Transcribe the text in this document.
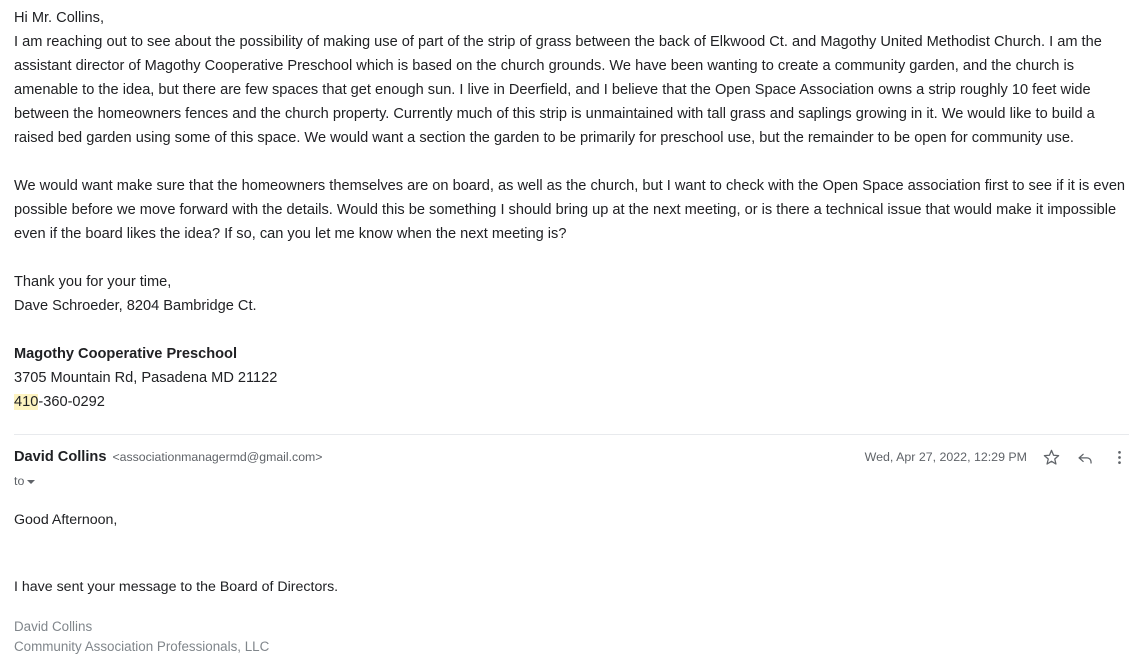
Hi Mr. Collins,

I am reaching out to see about the possibility of making use of part of the strip of grass between the back of Elkwood Ct. and Magothy United Methodist Church. I am the assistant director of Magothy Cooperative Preschool which is based on the church grounds. We have been wanting to create a community garden, and the church is amenable to the idea, but there are few spaces that get enough sun. I live in Deerfield, and I believe that the Open Space Association owns a strip roughly 10 feet wide between the homeowners fences and the church property. Currently much of this strip is unmaintained with tall grass and saplings growing in it. We would like to build a raised bed garden using some of this space. We would want a section the garden to be primarily for preschool use, but the remainder to be open for community use.

We would want make sure that the homeowners themselves are on board, as well as the church, but I want to check with the Open Space association first to see if it is even possible before we move forward with the details. Would this be something I should bring up at the next meeting, or is there a technical issue that would make it impossible even if the board likes the idea? If so, can you let me know when the next meeting is?

Thank you for your time,

Dave Schroeder, 8204 Bambridge Ct.

Magothy Cooperative Preschool

3705 Mountain Rd, Pasadena MD 21122

410-360-0292

David Collins <associationmanagermd@gmail.com>	Wed, Apr 27, 2022, 12:29 PM
to

Good Afternoon,

I have sent your message to the Board of Directors.

David Collins
Community Association Professionals, LLC
